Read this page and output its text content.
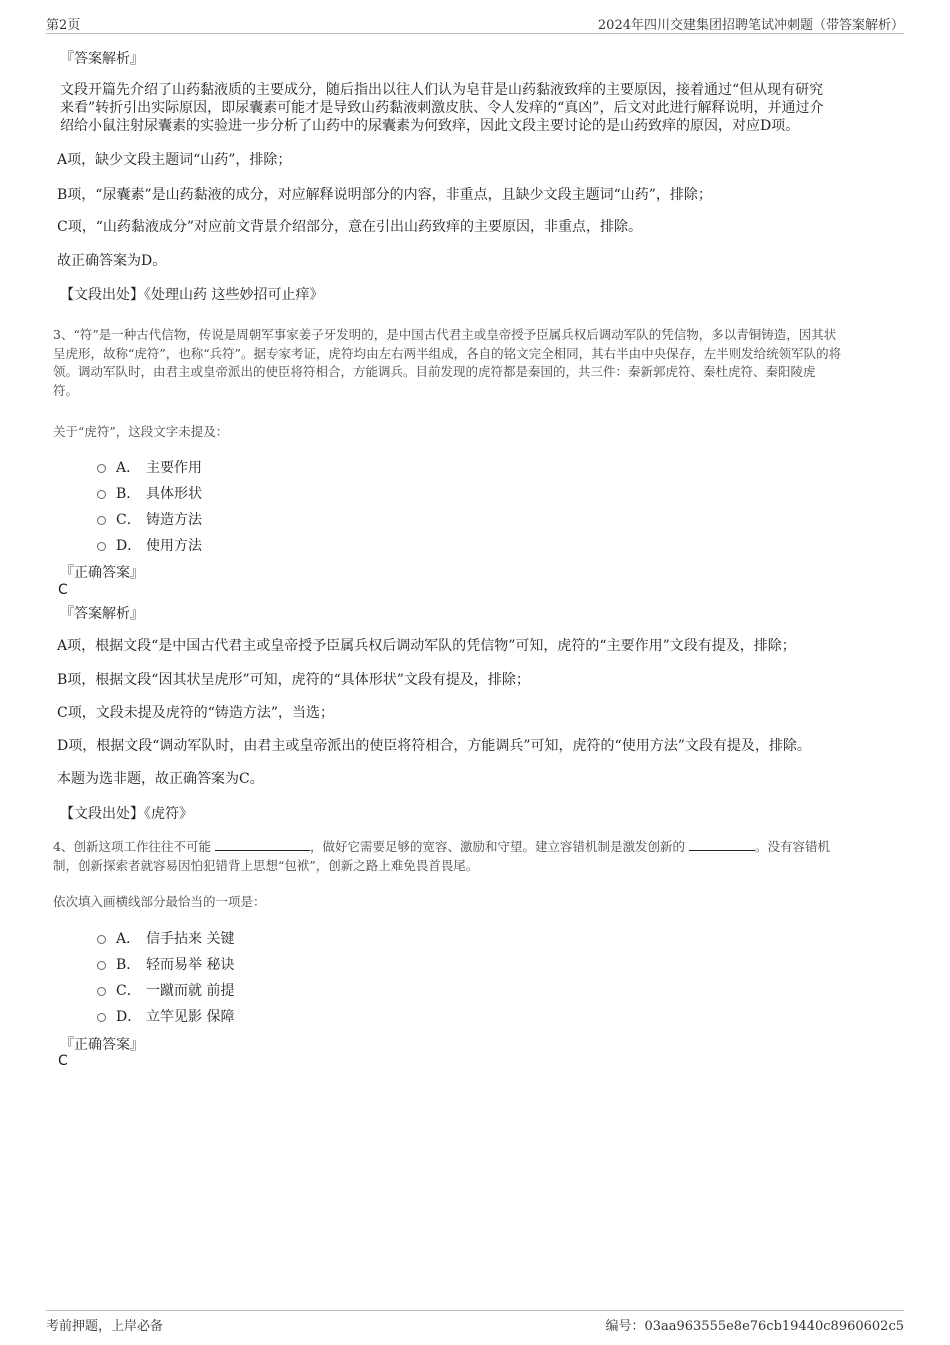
第2页	2024年四川交建集团招聘笔试冲刺题（带答案解析）
『答案解析』
文段开篇先介绍了山药黏液质的主要成分，随后指出以往人们认为皂苷是山药黏液致痒的主要原因，接着通过“但从现有研究
来看”转折引出实际原因，即尿囊素可能才是导致山药黏液刺激皮肤、令人发痒的“真凶”，后文对此进行解释说明，并通过介
绍给小鼠注射尿囊素的实验进一步分析了山药中的尿囊素为何致痒，因此文段主要讨论的是山药致痒的原因，对应D项。
A项，缺少文段主题词“山药”，排除；
B项，“尿囊素”是山药黏液的成分，对应解释说明部分的内容，非重点，且缺少文段主题词“山药”，排除；
C项，“山药黏液成分”对应前文背景介绍部分，意在引出山药致痒的主要原因，非重点，排除。
故正确答案为D。
【文段出处】《处理山药 这些妙招可止痒》
3、“符”是一种古代信物，传说是周朝军事家姜子牙发明的，是中国古代君主或皇帝授予臣属兵权后调动军队的凭信物，多以青铜铸造，因其状
呈虎形，故称“虎符”，也称“兵符”。据专家考证，虎符均由左右两半组成，各自的铭文完全相同，其右半由中央保存，左半则发给统领军队的将
领。调动军队时，由君主或皇帝派出的使臣将符相合，方能调兵。目前发现的虎符都是秦国的，共三件：秦新郭虎符、秦杜虎符、秦阳陵虎
符。
关于“虎符”，这段文字未提及：
A． 主要作用
B． 具体形状
C． 铸造方法
D． 使用方法
『正确答案』
C
『答案解析』
A项，根据文段“是中国古代君主或皇帝授予臣属兵权后调动军队的凭信物”可知，虎符的“主要作用”文段有提及，排除；
B项，根据文段“因其状呈虎形”可知，虎符的“具体形状”文段有提及，排除；
C项，文段未提及虎符的“铸造方法”，当选；
D项，根据文段“调动军队时，由君主或皇帝派出的使臣将符相合，方能调兵”可知，虎符的“使用方法”文段有提及，排除。
本题为选非题，故正确答案为C。
【文段出处】《虎符》
4、创新这项工作往往不可能	，做好它需要足够的宽容、激励和守望。建立容错机制是激发创新的	。没有容错机
制，创新探索者就容易因怕犯错背上思想“包袱”，创新之路上难免畏首畏尾。
依次填入画横线部分最恰当的一项是：
A． 信手拈来 关键
B． 轻而易举 秘诀
C． 一蹴而就 前提
D． 立竿见影 保障
『正确答案』
C
考前押题，上岸必备	编号：03aa963555e8e76cb19440c8960602c5
